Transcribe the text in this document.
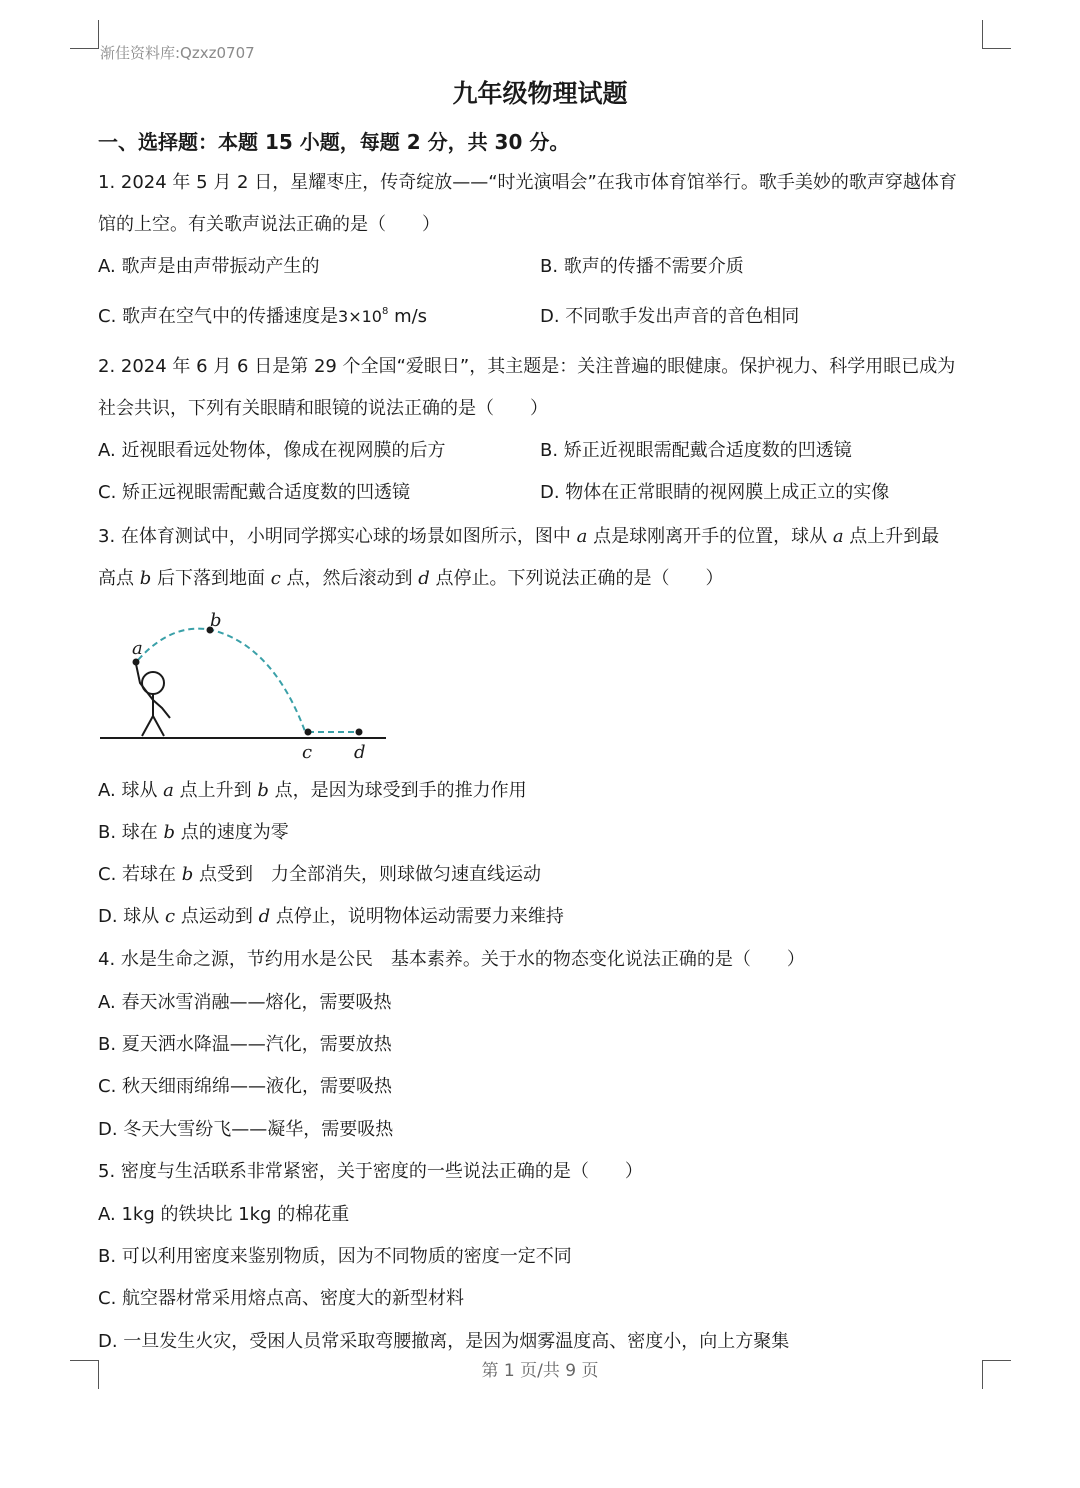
渐佳资料库:Qzxz0707
九年级物理试题
一、选择题：本题 15 小题，每题 2 分，共 30 分。
1. 2024 年 5 月 2 日，星耀枣庄，传奇绽放——“时光演唱会”在我市体育馆举行。歌手美妙的歌声穿越体育
馆的上空。有关歌声说法正确的是（　　）
A. 歌声是由声带振动产生的	B. 歌声的传播不需要介质
C. 歌声在空气中的传播速度是$3\times 10^8$ m/s	D. 不同歌手发出声音的音色相同
2. 2024 年 6 月 6 日是第 29 个全国“爱眼日”，其主题是：关注普遍的眼健康。保护视力、科学用眼已成为
社会共识，下列有关眼睛和眼镜的说法正确的是（　　）
A. 近视眼看远处物体，像成在视网膜的后方	B. 矫正近视眼需配戴合适度数的凹透镜
C. 矫正远视眼需配戴合适度数的凹透镜	D. 物体在正常眼睛的视网膜上成正立的实像
3. 在体育测试中，小明同学掷实心球的场景如图所示，图中 a 点是球刚离开手的位置，球从 a 点上升到最
高点 b 后下落到地面 c 点，然后滚动到 d 点停止。下列说法正确的是（　　）
a
b
c d
A. 球从 a 点上升到 b 点，是因为球受到手的推力作用
B. 球在 b 点的速度为零
C. 若球在 b 点受到　力全部消失，则球做匀速直线运动
D. 球从 c 点运动到 d 点停止，说明物体运动需要力来维持
4. 水是生命之源，节约用水是公民　基本素养。关于水的物态变化说法正确的是（　　）
A. 春天冰雪消融——熔化，需要吸热
B. 夏天洒水降温——汽化，需要放热
C. 秋天细雨绵绵——液化，需要吸热
D. 冬天大雪纷飞——凝华，需要吸热
5. 密度与生活联系非常紧密，关于密度的一些说法正确的是（　　）
A. 1kg 的铁块比 1kg 的棉花重
B. 可以利用密度来鉴别物质，因为不同物质的密度一定不同
C. 航空器材常采用熔点高、密度大的新型材料
D. 一旦发生火灾，受困人员常采取弯腰撤离，是因为烟雾温度高、密度小，向上方聚集
第 1 页/共 9 页
